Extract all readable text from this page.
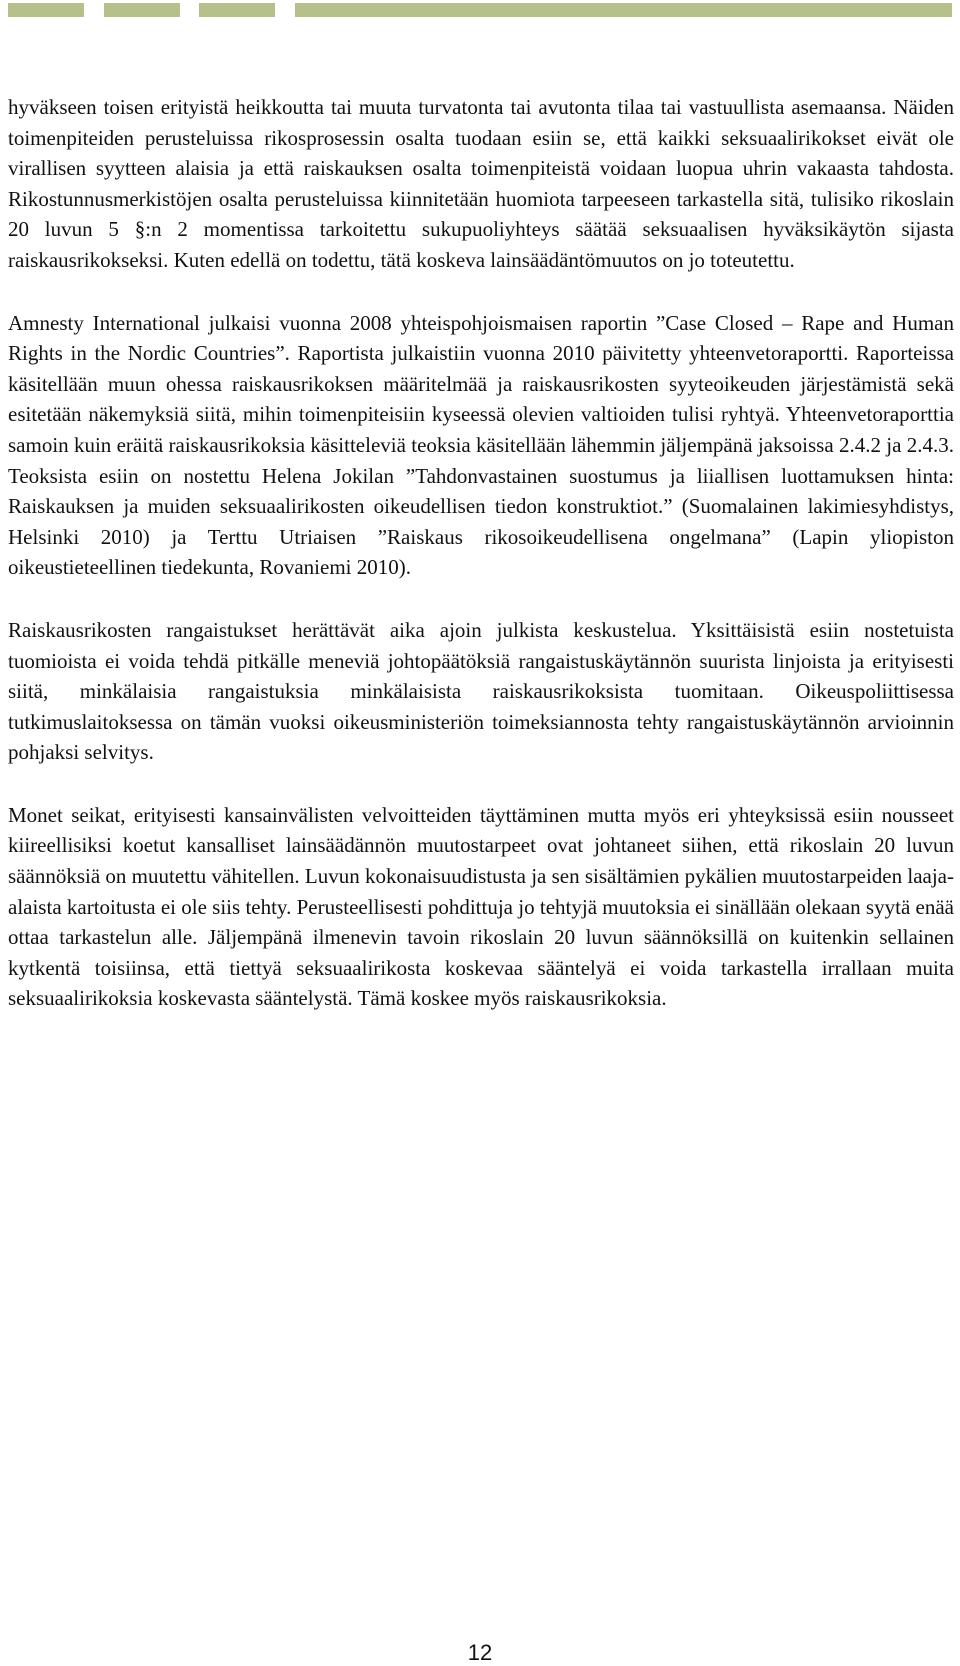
hyväkseen toisen erityistä heikkoutta tai muuta turvatonta tai avutonta tilaa tai vastuullista asemaansa. Näiden toimenpiteiden perusteluissa rikosprosessin osalta tuodaan esiin se, että kaikki seksuaalirikokset eivät ole virallisen syytteen alaisia ja että raiskauksen osalta toimenpiteistä voidaan luopua uhrin vakaasta tahdosta. Rikostunnusmerkistöjen osalta perusteluissa kiinnitetään huomiota tarpeeseen tarkastella sitä, tulisiko rikoslain 20 luvun 5 §:n 2 momentissa tarkoitettu sukupuoliyhteys säätää seksuaalisen hyväksikäytön sijasta raiskausrikokseksi. Kuten edellä on todettu, tätä koskeva lainsäädäntömuutos on jo toteutettu.

Amnesty International julkaisi vuonna 2008 yhteispohjoismaisen raportin ”Case Closed – Rape and Human Rights in the Nordic Countries”. Raportista julkaistiin vuonna 2010 päivitetty yhteenvetoraportti. Raporteissa käsitellään muun ohessa raiskausrikoksen määritelmää ja raiskausrikosten syyteoikeuden järjestämistä sekä esitetään näkemyksiä siitä, mihin toimenpiteisiin kyseessä olevien valtioiden tulisi ryhtyä. Yhteenvetoraporttia samoin kuin eräitä raiskausrikoksia käsitteleviä teoksia käsitellään lähemmin jäljempänä jaksoissa 2.4.2 ja 2.4.3. Teoksista esiin on nostettu Helena Jokilan ”Tahdonvastainen suostumus ja liiallisen luottamuksen hinta: Raiskauksen ja muiden seksuaalirikosten oikeudellisen tiedon konstruktiot.” (Suomalainen lakimiesyhdistys, Helsinki 2010) ja Terttu Utriaisen ”Raiskaus rikosoikeudellisena ongelmana” (Lapin yliopiston oikeustieteellinen tiedekunta, Rovaniemi 2010).

Raiskausrikosten rangaistukset herättävät aika ajoin julkista keskustelua. Yksittäisistä esiin nostetuista tuomioista ei voida tehdä pitkälle meneviä johtopäätöksiä rangaistuskäytännön suurista linjoista ja erityisesti siitä, minkälaisia rangaistuksia minkälaisista raiskausrikoksista tuomitaan. Oikeuspoliittisessa tutkimuslaitoksessa on tämän vuoksi oikeusministeriön toimeksiannosta tehty rangaistuskäytännön arvioinnin pohjaksi selvitys.

Monet seikat, erityisesti kansainvälisten velvoitteiden täyttäminen mutta myös eri yhteyksissä esiin nousseet kiireellisiksi koetut kansalliset lainsäädännön muutostarpeet ovat johtaneet siihen, että rikoslain 20 luvun säännöksiä on muutettu vähitellen. Luvun kokonaisuudistusta ja sen sisältämien pykälien muutostarpeiden laaja-alaista kartoitusta ei ole siis tehty. Perusteellisesti pohdittuja jo tehtyjä muutoksia ei sinällään olekaan syytä enää ottaa tarkastelun alle. Jäljempänä ilmenevin tavoin rikoslain 20 luvun säännöksillä on kuitenkin sellainen kytkentä toisiinsa, että tiettyä seksuaalirikosta koskevaa sääntelyä ei voida tarkastella irrallaan muita seksuaalirikoksia koskevasta sääntelystä. Tämä koskee myös raiskausrikoksia.

12
